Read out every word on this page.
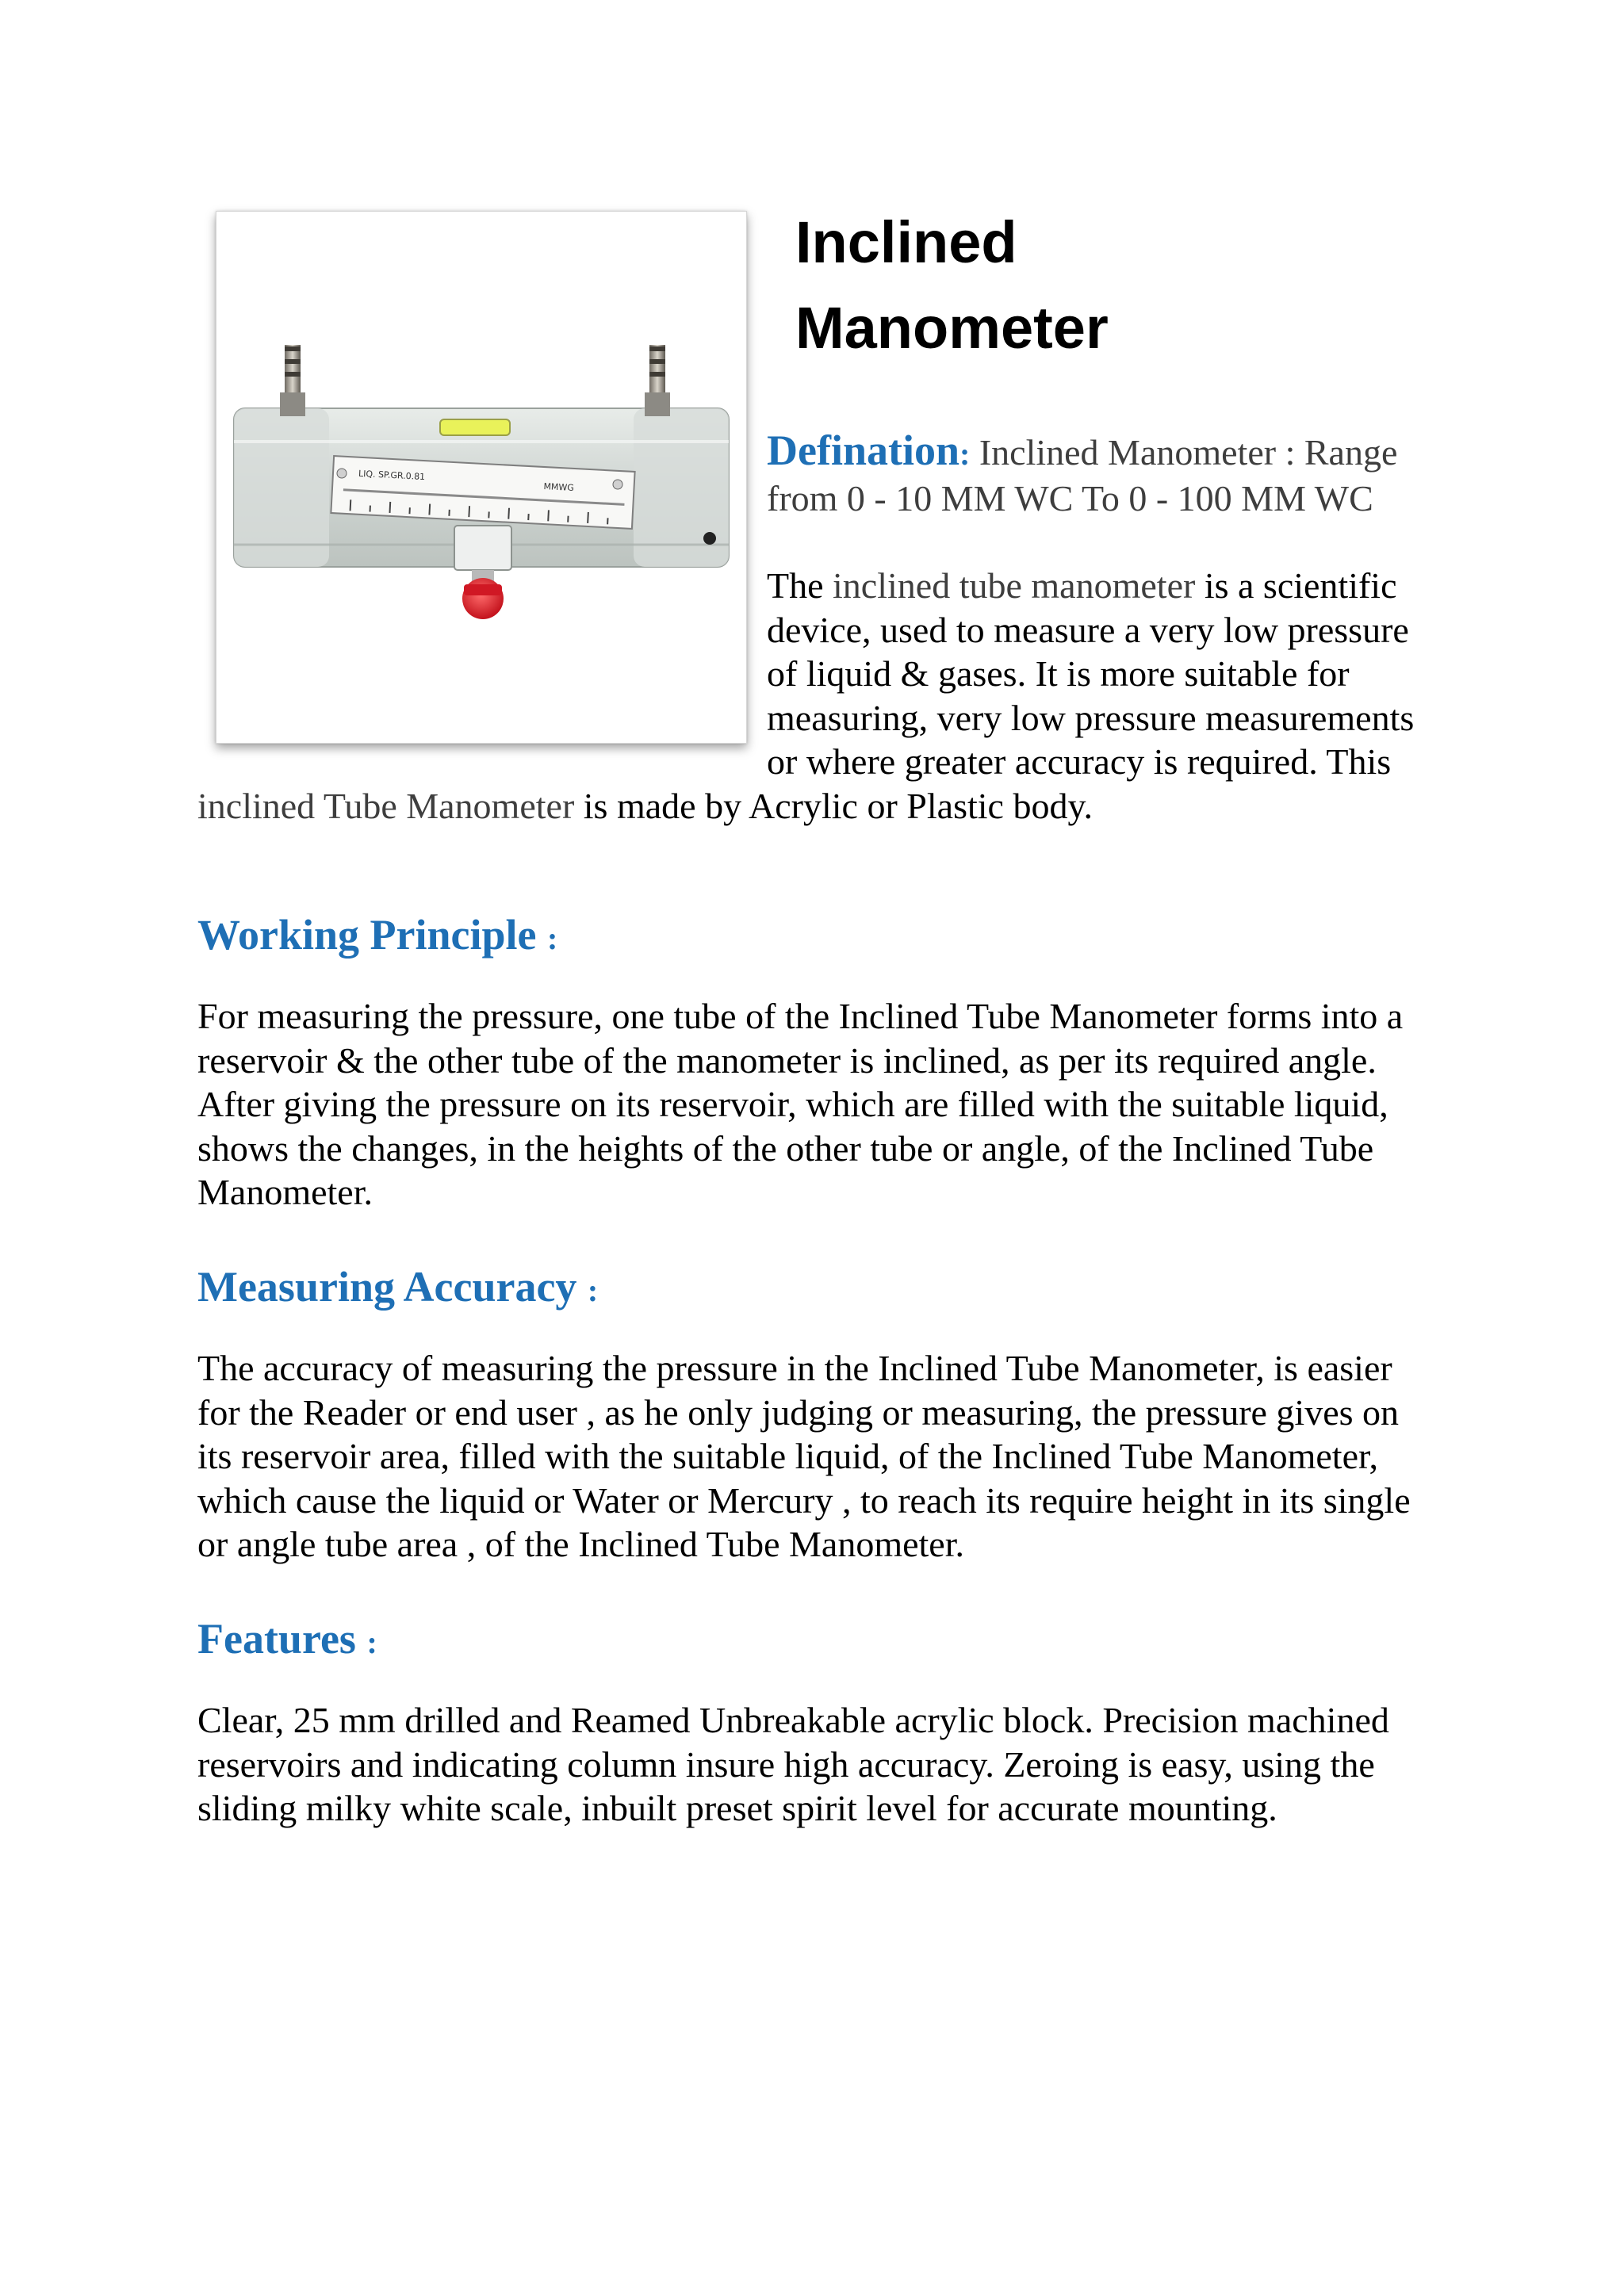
LIQ. SP.GR.0.81
MMWG
Inclined
Manometer

Defination: Inclined Manometer : Range from 0 - 10 MM WC To 0 - 100 MM WC

The inclined tube manometer is a scientific device, used to measure a very low pressure of liquid & gases. It is more suitable for measuring, very low pressure measurements or where greater accuracy is required. This inclined Tube Manometer is made by Acrylic or Plastic body.

Working Principle :

For measuring the pressure, one tube of the Inclined Tube Manometer forms into a reservoir & the other tube of the manometer is inclined, as per its required angle. After giving the pressure on its reservoir, which are filled with the suitable liquid, shows the changes, in the heights of the other tube or angle, of the Inclined Tube Manometer.

Measuring Accuracy :

The accuracy of measuring the pressure in the Inclined Tube Manometer, is easier for the Reader or end user , as he only judging or measuring, the pressure gives on its reservoir area, filled with the suitable liquid, of the Inclined Tube Manometer, which cause the liquid or Water or Mercury , to reach its require height in its single or angle tube area , of the Inclined Tube Manometer.

Features :

Clear, 25 mm drilled and Reamed Unbreakable acrylic block. Precision machined reservoirs and indicating column insure high accuracy. Zeroing is easy, using the sliding milky white scale, inbuilt preset spirit level for accurate mounting.
